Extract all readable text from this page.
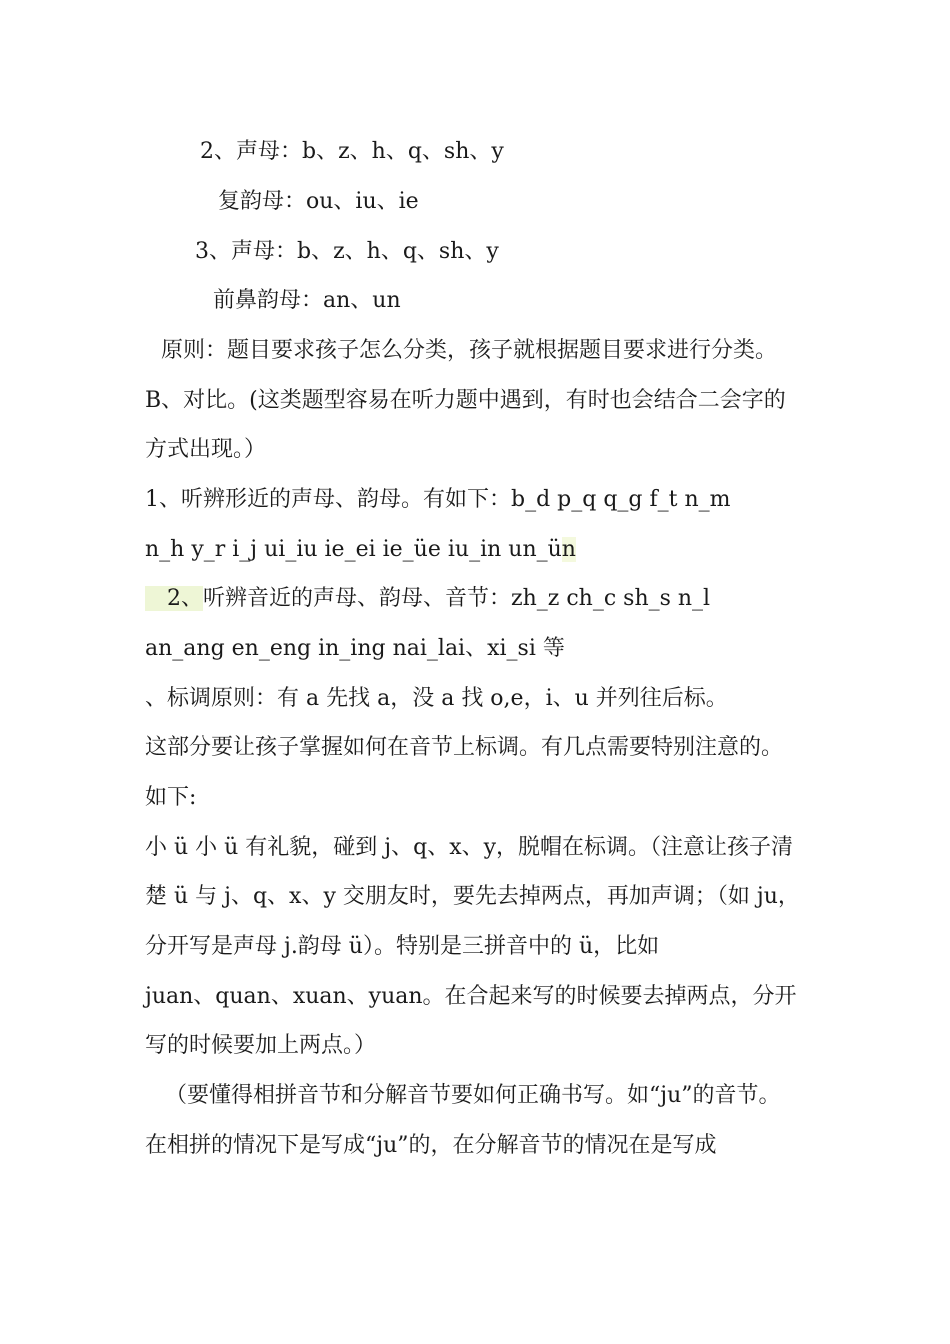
2、声母：b、z、h、q、sh、y
复韵母：ou、iu、ie
3、声母：b、z、h、q、sh、y
前鼻韵母：an、un
原则：题目要求孩子怎么分类，孩子就根据题目要求进行分类。
B、对比。(这类题型容易在听力题中遇到，有时也会结合二会字的
方式出现。）
1、听辨形近的声母、韵母。有如下：b_d p_q q_g f_t n_m
n_h y_r i_j ui_iu ie_ei ie_üe iu_in un_ün
2、听辨音近的声母、韵母、音节：zh_z ch_c sh_s n_l
an_ang en_eng in_ing nai_lai、xi_si 等
、标调原则：有 a 先找 a，没 a 找 o,e，i、u 并列往后标。
这部分要让孩子掌握如何在音节上标调。有几点需要特别注意的。
如下:
小 ü 小 ü 有礼貌，碰到 j、q、x、y，脱帽在标调。（注意让孩子清
楚 ü 与 j、q、x、y 交朋友时，要先去掉两点，再加声调；（如 ju，
分开写是声母 j.韵母 ü）。特别是三拼音中的 ü，比如
juan、quan、xuan、yuan。在合起来写的时候要去掉两点，分开
写的时候要加上两点。）
（要懂得相拼音节和分解音节要如何正确书写。如“ju”的音节。
在相拼的情况下是写成“ju”的，在分解音节的情况在是写成
